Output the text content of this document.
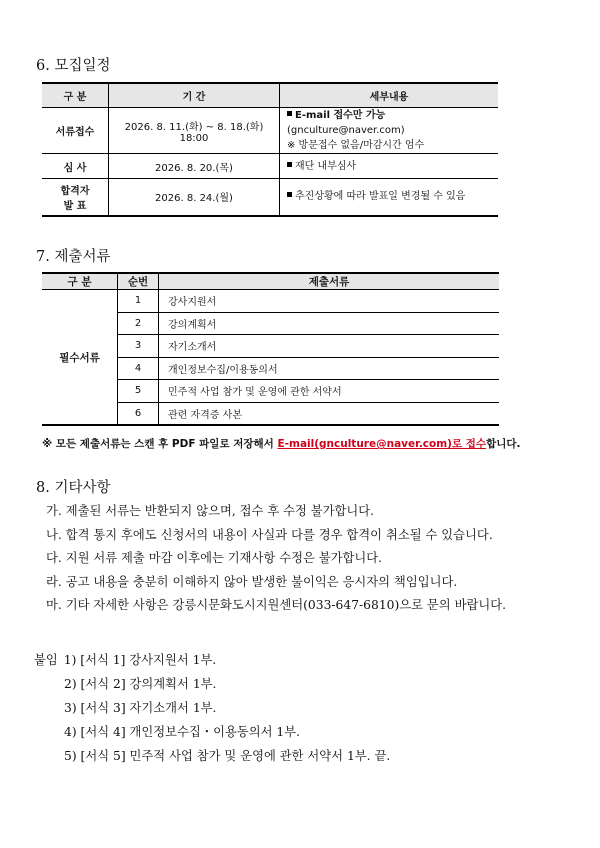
6. 모집일정
구 분	기 간	세부내용
서류접수	2026. 8. 11.(화) ~ 8. 18.(화) 18:00	E-mail 접수만 가능(gnculture@naver.com)
※ 방문접수 없음/마감시간 엄수

심 사	2026. 8. 20.(목)	재단 내부심사

합격자
발 표	2026. 8. 24.(월)	추진상황에 따라 발표일 변경될 수 있음
7. 제출서류
구 분	순번	제출서류
필수서류	1	강사지원서
	2	강의계획서
	3	자기소개서
	4	개인정보수집/이용동의서
	5	민주적 사업 참가 및 운영에 관한 서약서
	6	관련 자격증 사본
※ 모든 제출서류는 스캔 후 PDF 파일로 저장해서 E-mail(gnculture@naver.com)로 접수합니다.
8. 기타사항
가. 제출된 서류는 반환되지 않으며, 접수 후 수정 불가합니다.
나. 합격 통지 후에도 신청서의 내용이 사실과 다를 경우 합격이 취소될 수 있습니다.
다. 지원 서류 제출 마감 이후에는 기재사항 수정은 불가합니다.
라. 공고 내용을 충분히 이해하지 않아 발생한 불이익은 응시자의 책임입니다.
마. 기타 자세한 사항은 강릉시문화도시지원센터(033-647-6810)으로 문의 바랍니다.
붙임 1) [서식 1] 강사지원서 1부.
2) [서식 2] 강의계획서 1부.
3) [서식 3] 자기소개서 1부.
4) [서식 4] 개인정보수집・이용동의서 1부.
5) [서식 5] 민주적 사업 참가 및 운영에 관한 서약서 1부. 끝.
